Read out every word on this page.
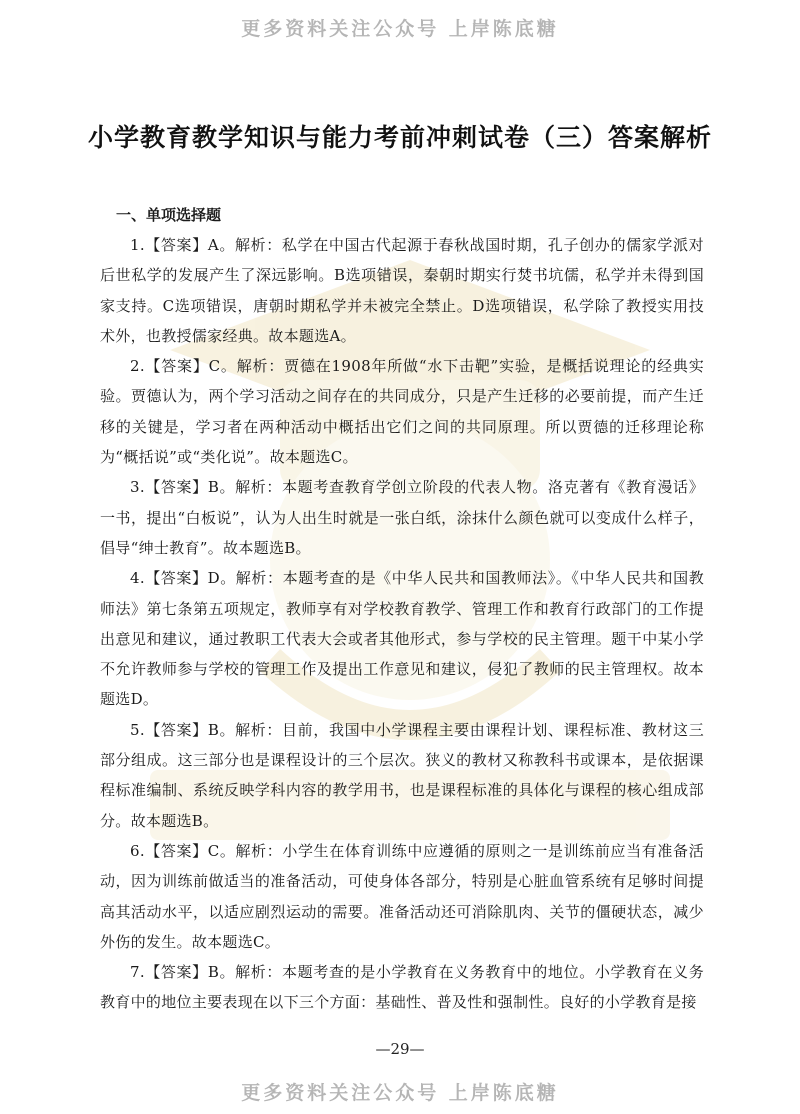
更多资料关注公众号 上岸陈底糖
小学教育教学知识与能力考前冲刺试卷（三）答案解析

一、单项选择题

1.【答案】A。解析：私学在中国古代起源于春秋战国时期，孔子创办的儒家学派对后世私学的发展产生了深远影响。B选项错误，秦朝时期实行焚书坑儒，私学并未得到国家支持。C选项错误，唐朝时期私学并未被完全禁止。D选项错误，私学除了教授实用技术外，也教授儒家经典。故本题选A。

2.【答案】C。解析：贾德在1908年所做“水下击靶”实验，是概括说理论的经典实验。贾德认为，两个学习活动之间存在的共同成分，只是产生迁移的必要前提，而产生迁移的关键是，学习者在两种活动中概括出它们之间的共同原理。所以贾德的迁移理论称为“概括说”或“类化说”。故本题选C。

3.【答案】B。解析：本题考查教育学创立阶段的代表人物。洛克著有《教育漫话》一书，提出“白板说”，认为人出生时就是一张白纸，涂抹什么颜色就可以变成什么样子，倡导“绅士教育”。故本题选B。

4.【答案】D。解析：本题考查的是《中华人民共和国教师法》。《中华人民共和国教师法》第七条第五项规定，教师享有对学校教育教学、管理工作和教育行政部门的工作提出意见和建议，通过教职工代表大会或者其他形式，参与学校的民主管理。题干中某小学不允许教师参与学校的管理工作及提出工作意见和建议，侵犯了教师的民主管理权。故本题选D。

5.【答案】B。解析：目前，我国中小学课程主要由课程计划、课程标准、教材这三部分组成。这三部分也是课程设计的三个层次。狭义的教材又称教科书或课本，是依据课程标准编制、系统反映学科内容的教学用书，也是课程标准的具体化与课程的核心组成部分。故本题选B。

6.【答案】C。解析：小学生在体育训练中应遵循的原则之一是训练前应当有准备活动，因为训练前做适当的准备活动，可使身体各部分，特别是心脏血管系统有足够时间提高其活动水平，以适应剧烈运动的需要。准备活动还可消除肌肉、关节的僵硬状态，减少外伤的发生。故本题选C。

7.【答案】B。解析：本题考查的是小学教育在义务教育中的地位。小学教育在义务教育中的地位主要表现在以下三个方面：基础性、普及性和强制性。良好的小学教育是接

—29—
更多资料关注公众号 上岸陈底糖
